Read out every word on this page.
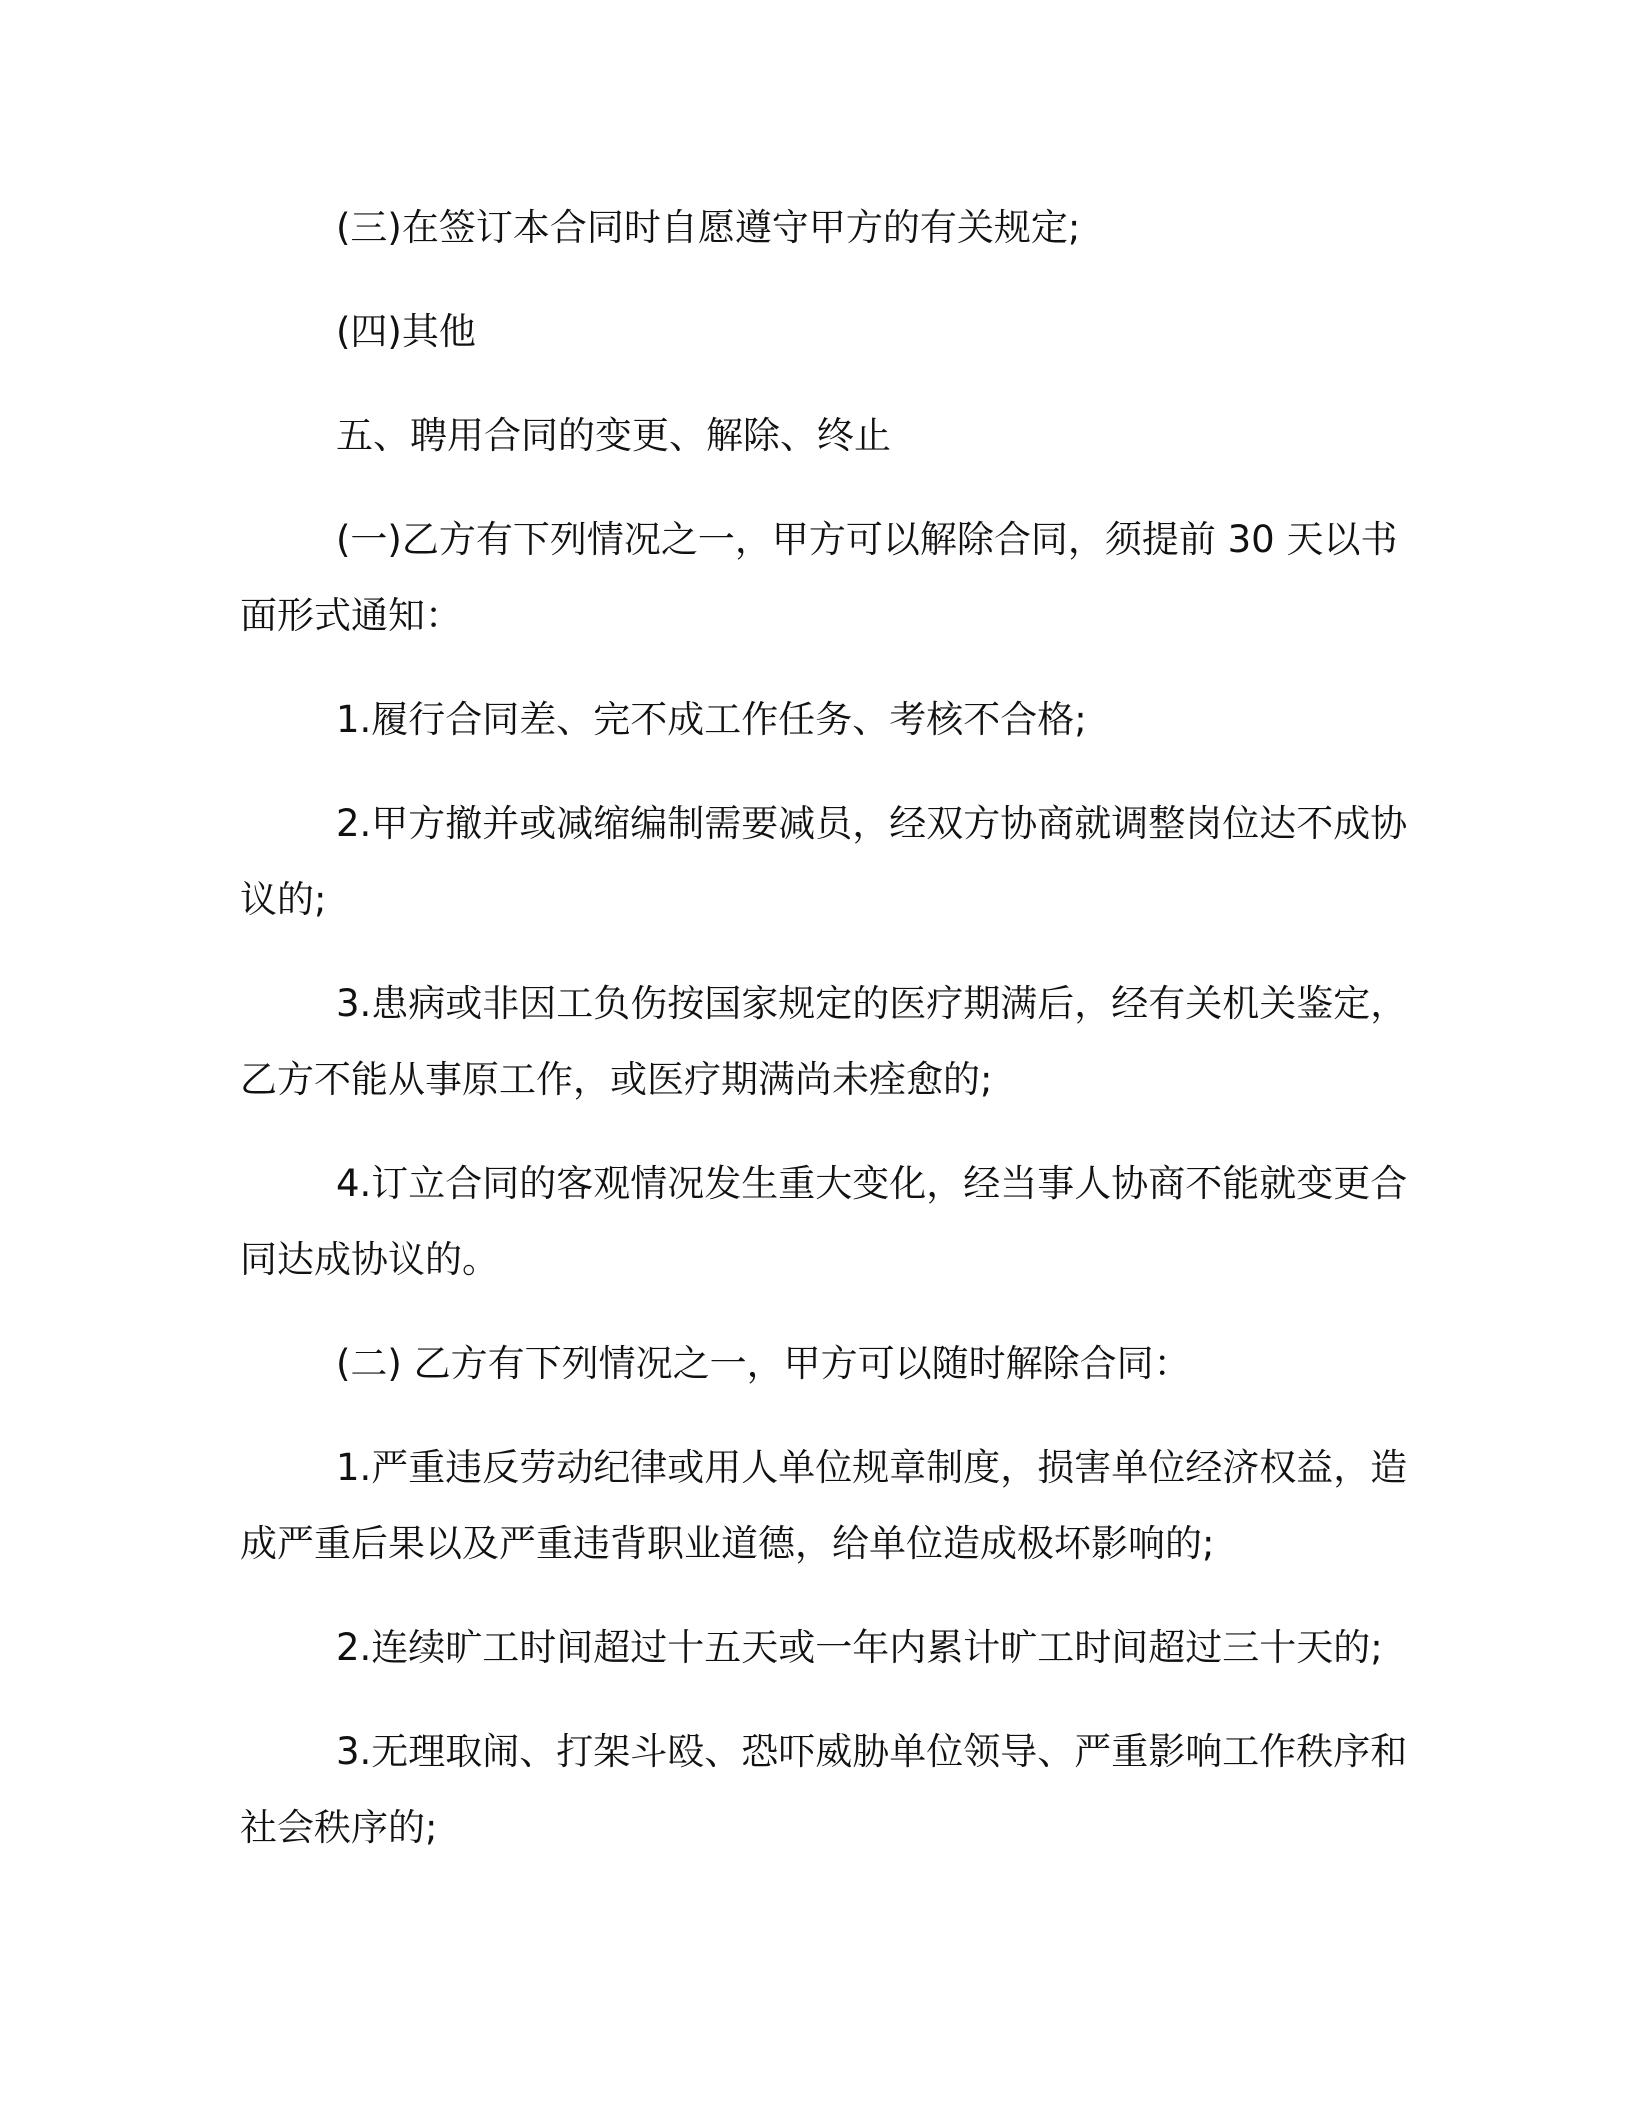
(三)在签订本合同时自愿遵守甲方的有关规定;

(四)其他

五、聘用合同的变更、解除、终止

(一)乙方有下列情况之一，甲方可以解除合同，须提前 30 天以书面形式通知：

1.履行合同差、完不成工作任务、考核不合格;

2.甲方撤并或减缩编制需要减员，经双方协商就调整岗位达不成协议的;

3.患病或非因工负伤按国家规定的医疗期满后，经有关机关鉴定，乙方不能从事原工作，或医疗期满尚未痊愈的;

4.订立合同的客观情况发生重大变化，经当事人协商不能就变更合同达成协议的。

(二) 乙方有下列情况之一，甲方可以随时解除合同：

1.严重违反劳动纪律或用人单位规章制度，损害单位经济权益，造成严重后果以及严重违背职业道德，给单位造成极坏影响的;

2.连续旷工时间超过十五天或一年内累计旷工时间超过三十天的;

3.无理取闹、打架斗殴、恐吓威胁单位领导、严重影响工作秩序和社会秩序的;
